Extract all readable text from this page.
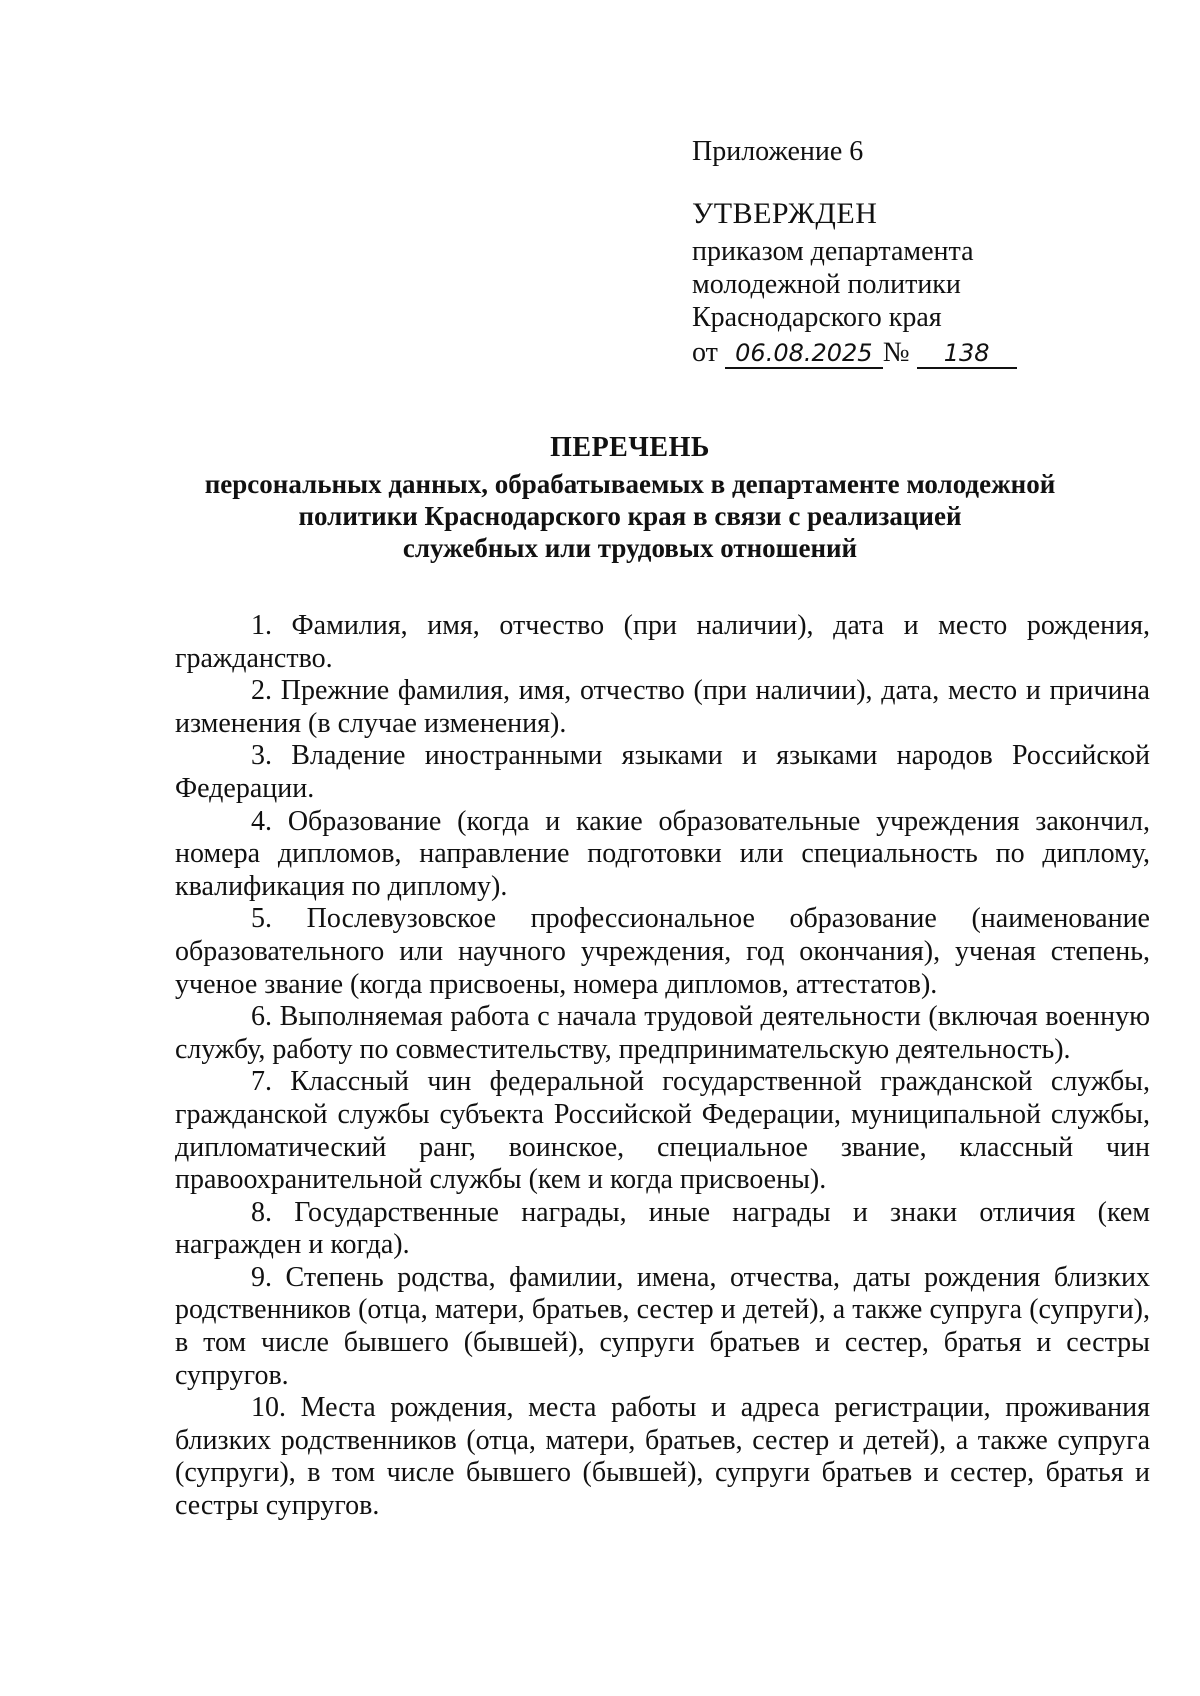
Приложение 6

УТВЕРЖДЕН

приказом департамента

молодежной политики

Краснодарского края

от 06.08.2025 № 138
ПЕРЕЧЕНЬ

персональных данных, обрабатываемых в департаменте молодежной

политики Краснодарского края в связи с реализацией

служебных или трудовых отношений

1. Фамилия, имя, отчество (при наличии), дата и место рождения, гражданство.

2. Прежние фамилия, имя, отчество (при наличии), дата, место и причина изменения (в случае изменения).

3. Владение иностранными языками и языками народов Российской Федерации.

4. Образование (когда и какие образовательные учреждения закончил, номера дипломов, направление подготовки или специальность по диплому, квалификация по диплому).

5. Послевузовское профессиональное образование (наименование образовательного или научного учреждения, год окончания), ученая степень, ученое звание (когда присвоены, номера дипломов, аттестатов).

6. Выполняемая работа с начала трудовой деятельности (включая военную службу, работу по совместительству, предпринимательскую деятельность).

7. Классный чин федеральной государственной гражданской службы, гражданской службы субъекта Российской Федерации, муниципальной службы, дипломатический ранг, воинское, специальное звание, классный чин правоохранительной службы (кем и когда присвоены).

8. Государственные награды, иные награды и знаки отличия (кем награжден и когда).

9. Степень родства, фамилии, имена, отчества, даты рождения близких родственников (отца, матери, братьев, сестер и детей), а также супруга (супруги), в том числе бывшего (бывшей), супруги братьев и сестер, братья и сестры супругов.

10. Места рождения, места работы и адреса регистрации, проживания близких родственников (отца, матери, братьев, сестер и детей), а также супруга (супруги), в том числе бывшего (бывшей), супруги братьев и сестер, братья и сестры супругов.
